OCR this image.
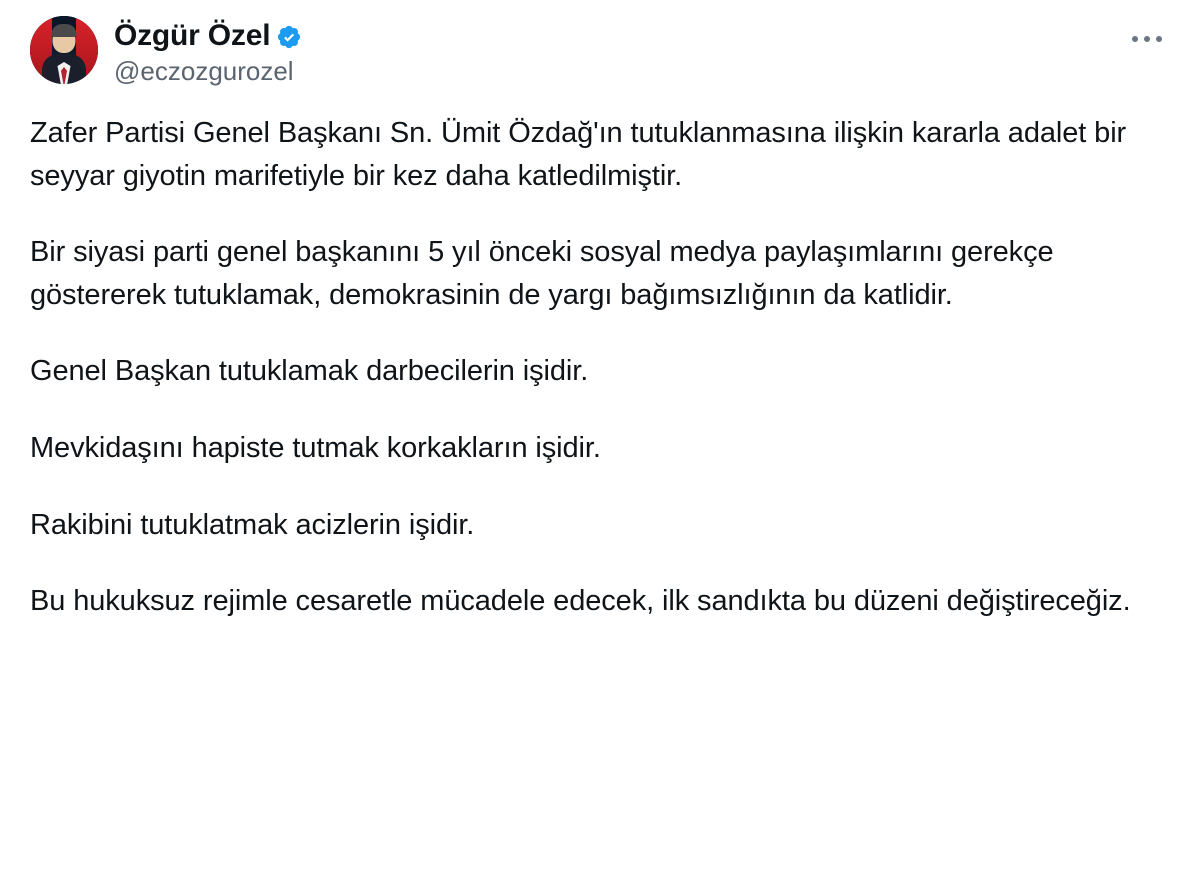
Özgür Özel
@eczozgurozel

Zafer Partisi Genel Başkanı Sn. Ümit Özdağ'ın tutuklanmasına ilişkin kararla adalet bir seyyar giyotin marifetiyle bir kez daha katledilmiştir.

Bir siyasi parti genel başkanını 5 yıl önceki sosyal medya paylaşımlarını gerekçe göstererek tutuklamak, demokrasinin de yargı bağımsızlığının da katlidir.

Genel Başkan tutuklamak darbecilerin işidir.

Mevkidaşını hapiste tutmak korkakların işidir.

Rakibini tutuklatmak acizlerin işidir.

Bu hukuksuz rejimle cesaretle mücadele edecek, ilk sandıkta bu düzeni değiştireceğiz.
